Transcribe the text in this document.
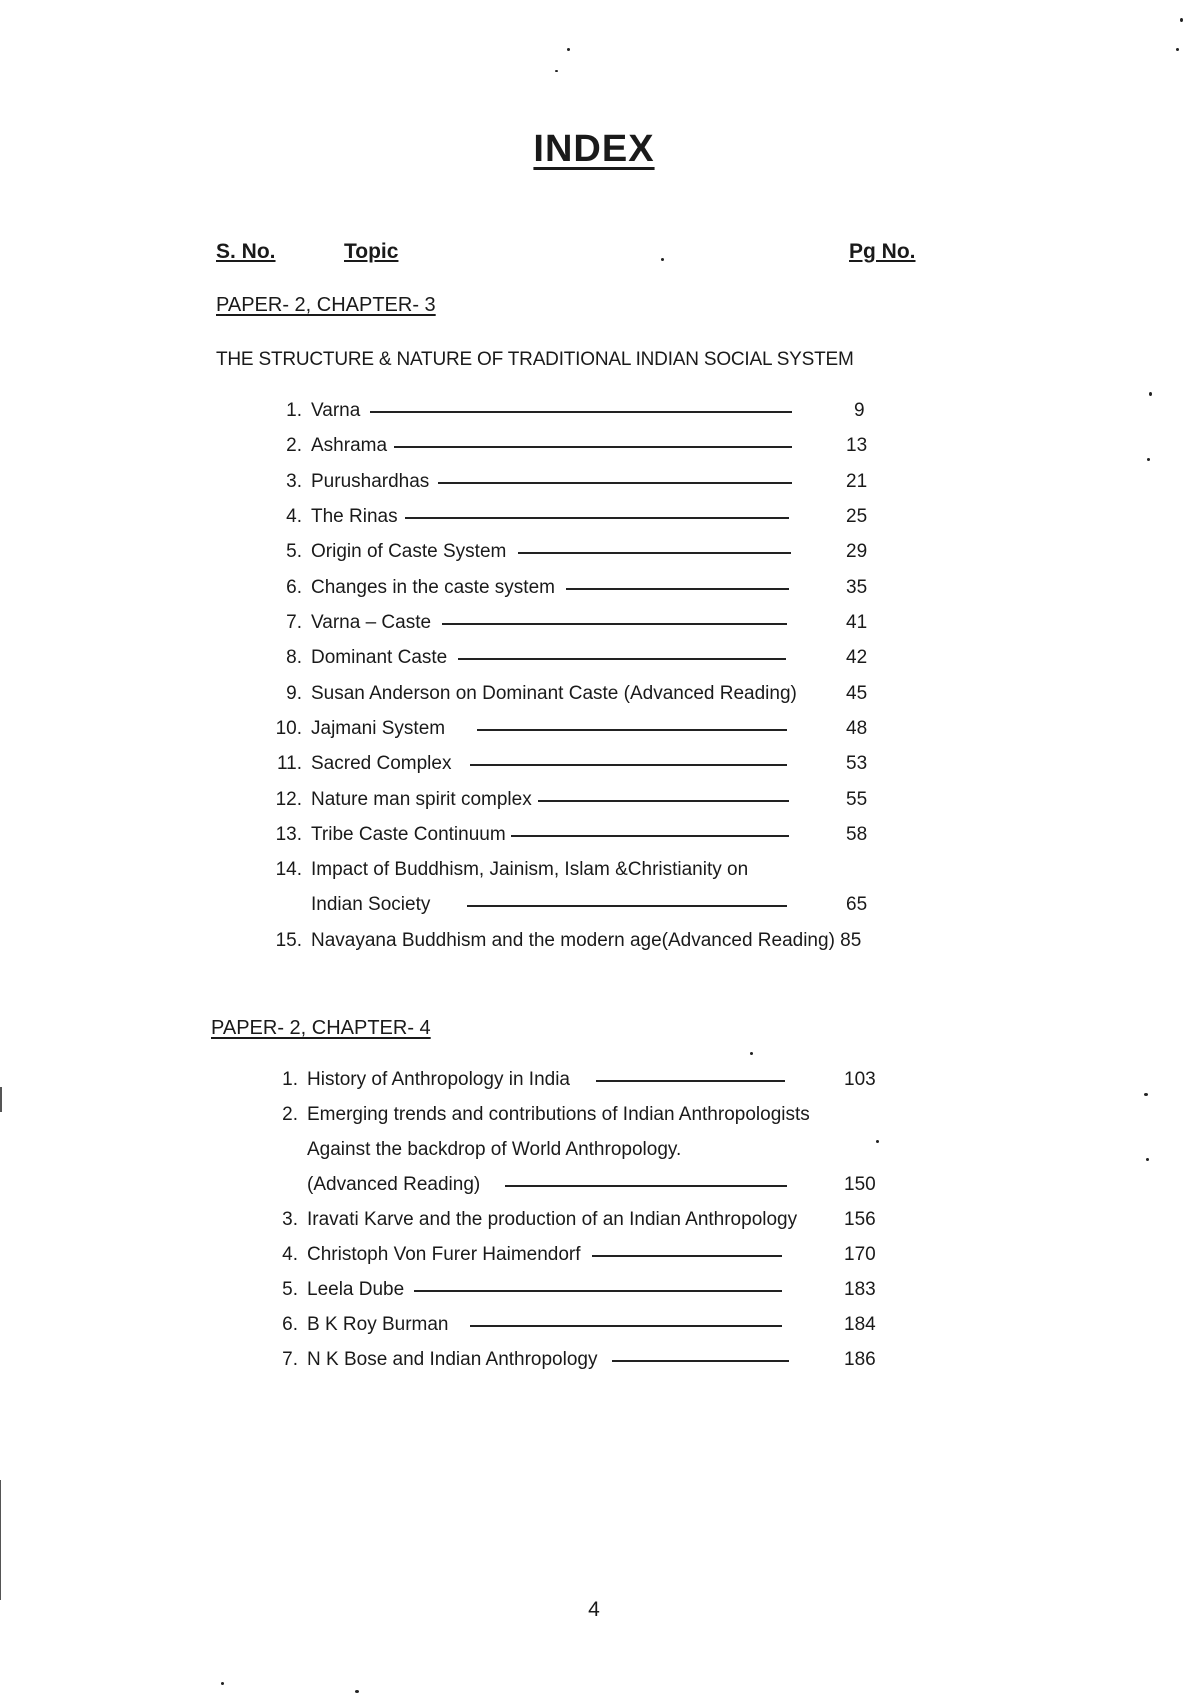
INDEX
S. No.	Topic	Pg No.
PAPER- 2, CHAPTER- 3
THE STRUCTURE & NATURE OF TRADITIONAL INDIAN SOCIAL SYSTEM
1. Varna	9
2. Ashrama	13
3. Purushardhas	21
4. The Rinas	25
5. Origin of Caste System	29
6. Changes in the caste system	35
7. Varna – Caste	41
8. Dominant Caste	42
9. Susan Anderson on Dominant Caste (Advanced Reading)	45
10. Jajmani System	48
11. Sacred Complex	53
12. Nature man spirit complex	55
13. Tribe Caste Continuum	58
14. Impact of Buddhism, Jainism, Islam &Christianity on
Indian Society	65
15. Navayana Buddhism and the modern age(Advanced Reading) 85
PAPER- 2, CHAPTER- 4
1. History of Anthropology in India	103
2. Emerging trends and contributions of Indian Anthropologists
Against the backdrop of World Anthropology.
(Advanced Reading)	150
3. Iravati Karve and the production of an Indian Anthropology 156
4. Christoph Von Furer Haimendorf	170
5. Leela Dube	183
6. B K Roy Burman	184
7. N K Bose and Indian Anthropology	186
4
